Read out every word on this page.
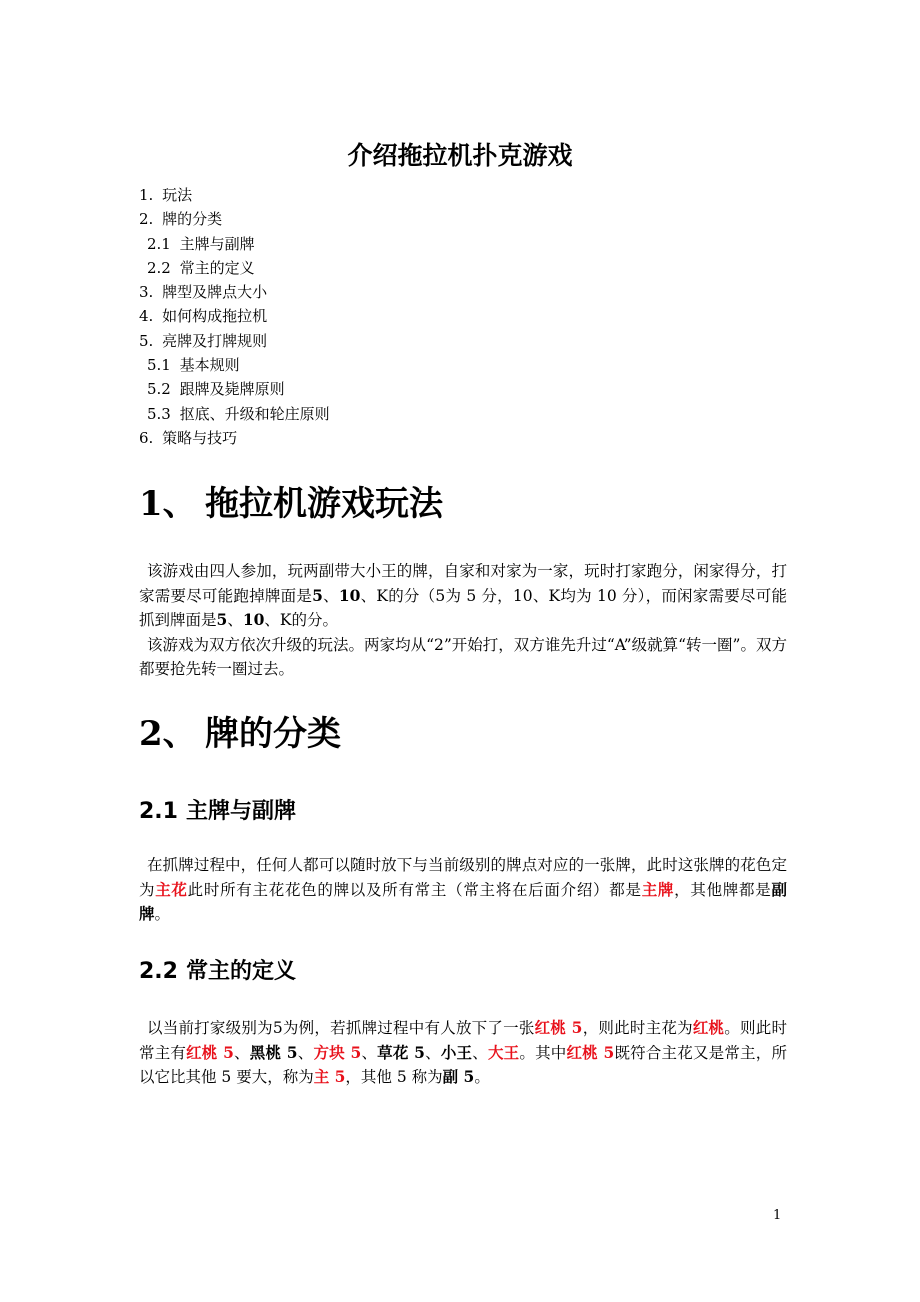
介绍拖拉机扑克游戏
1. 玩法
2. 牌的分类
2.1 主牌与副牌
2.2 常主的定义
3. 牌型及牌点大小
4. 如何构成拖拉机
5. 亮牌及打牌规则
5.1 基本规则
5.2 跟牌及毙牌原则
5.3 抠底、升级和轮庄原则
6. 策略与技巧
1、 拖拉机游戏玩法

该游戏由四人参加，玩两副带大小王的牌，自家和对家为一家，玩时打家跑分，闲家得分，打家需要尽可能跑掉牌面是5、10、K的分（5为 5 分，10、K均为 10 分），而闲家需要尽可能抓到牌面是5、10、K的分。

该游戏为双方依次升级的玩法。两家均从“2”开始打，双方谁先升过“A”级就算“转一圈”。双方都要抢先转一圈过去。

2、 牌的分类
2.1 主牌与副牌

在抓牌过程中，任何人都可以随时放下与当前级别的牌点对应的一张牌，此时这张牌的花色定为主花此时所有主花花色的牌以及所有常主（常主将在后面介绍）都是主牌，其他牌都是副牌。

2.2 常主的定义

以当前打家级别为5为例，若抓牌过程中有人放下了一张红桃 5，则此时主花为红桃。则此时常主有红桃 5、黑桃 5、方块 5、草花 5、小王、大王。其中红桃 5既符合主花又是常主，所以它比其他 5 要大，称为主 5，其他 5 称为副 5。

1
